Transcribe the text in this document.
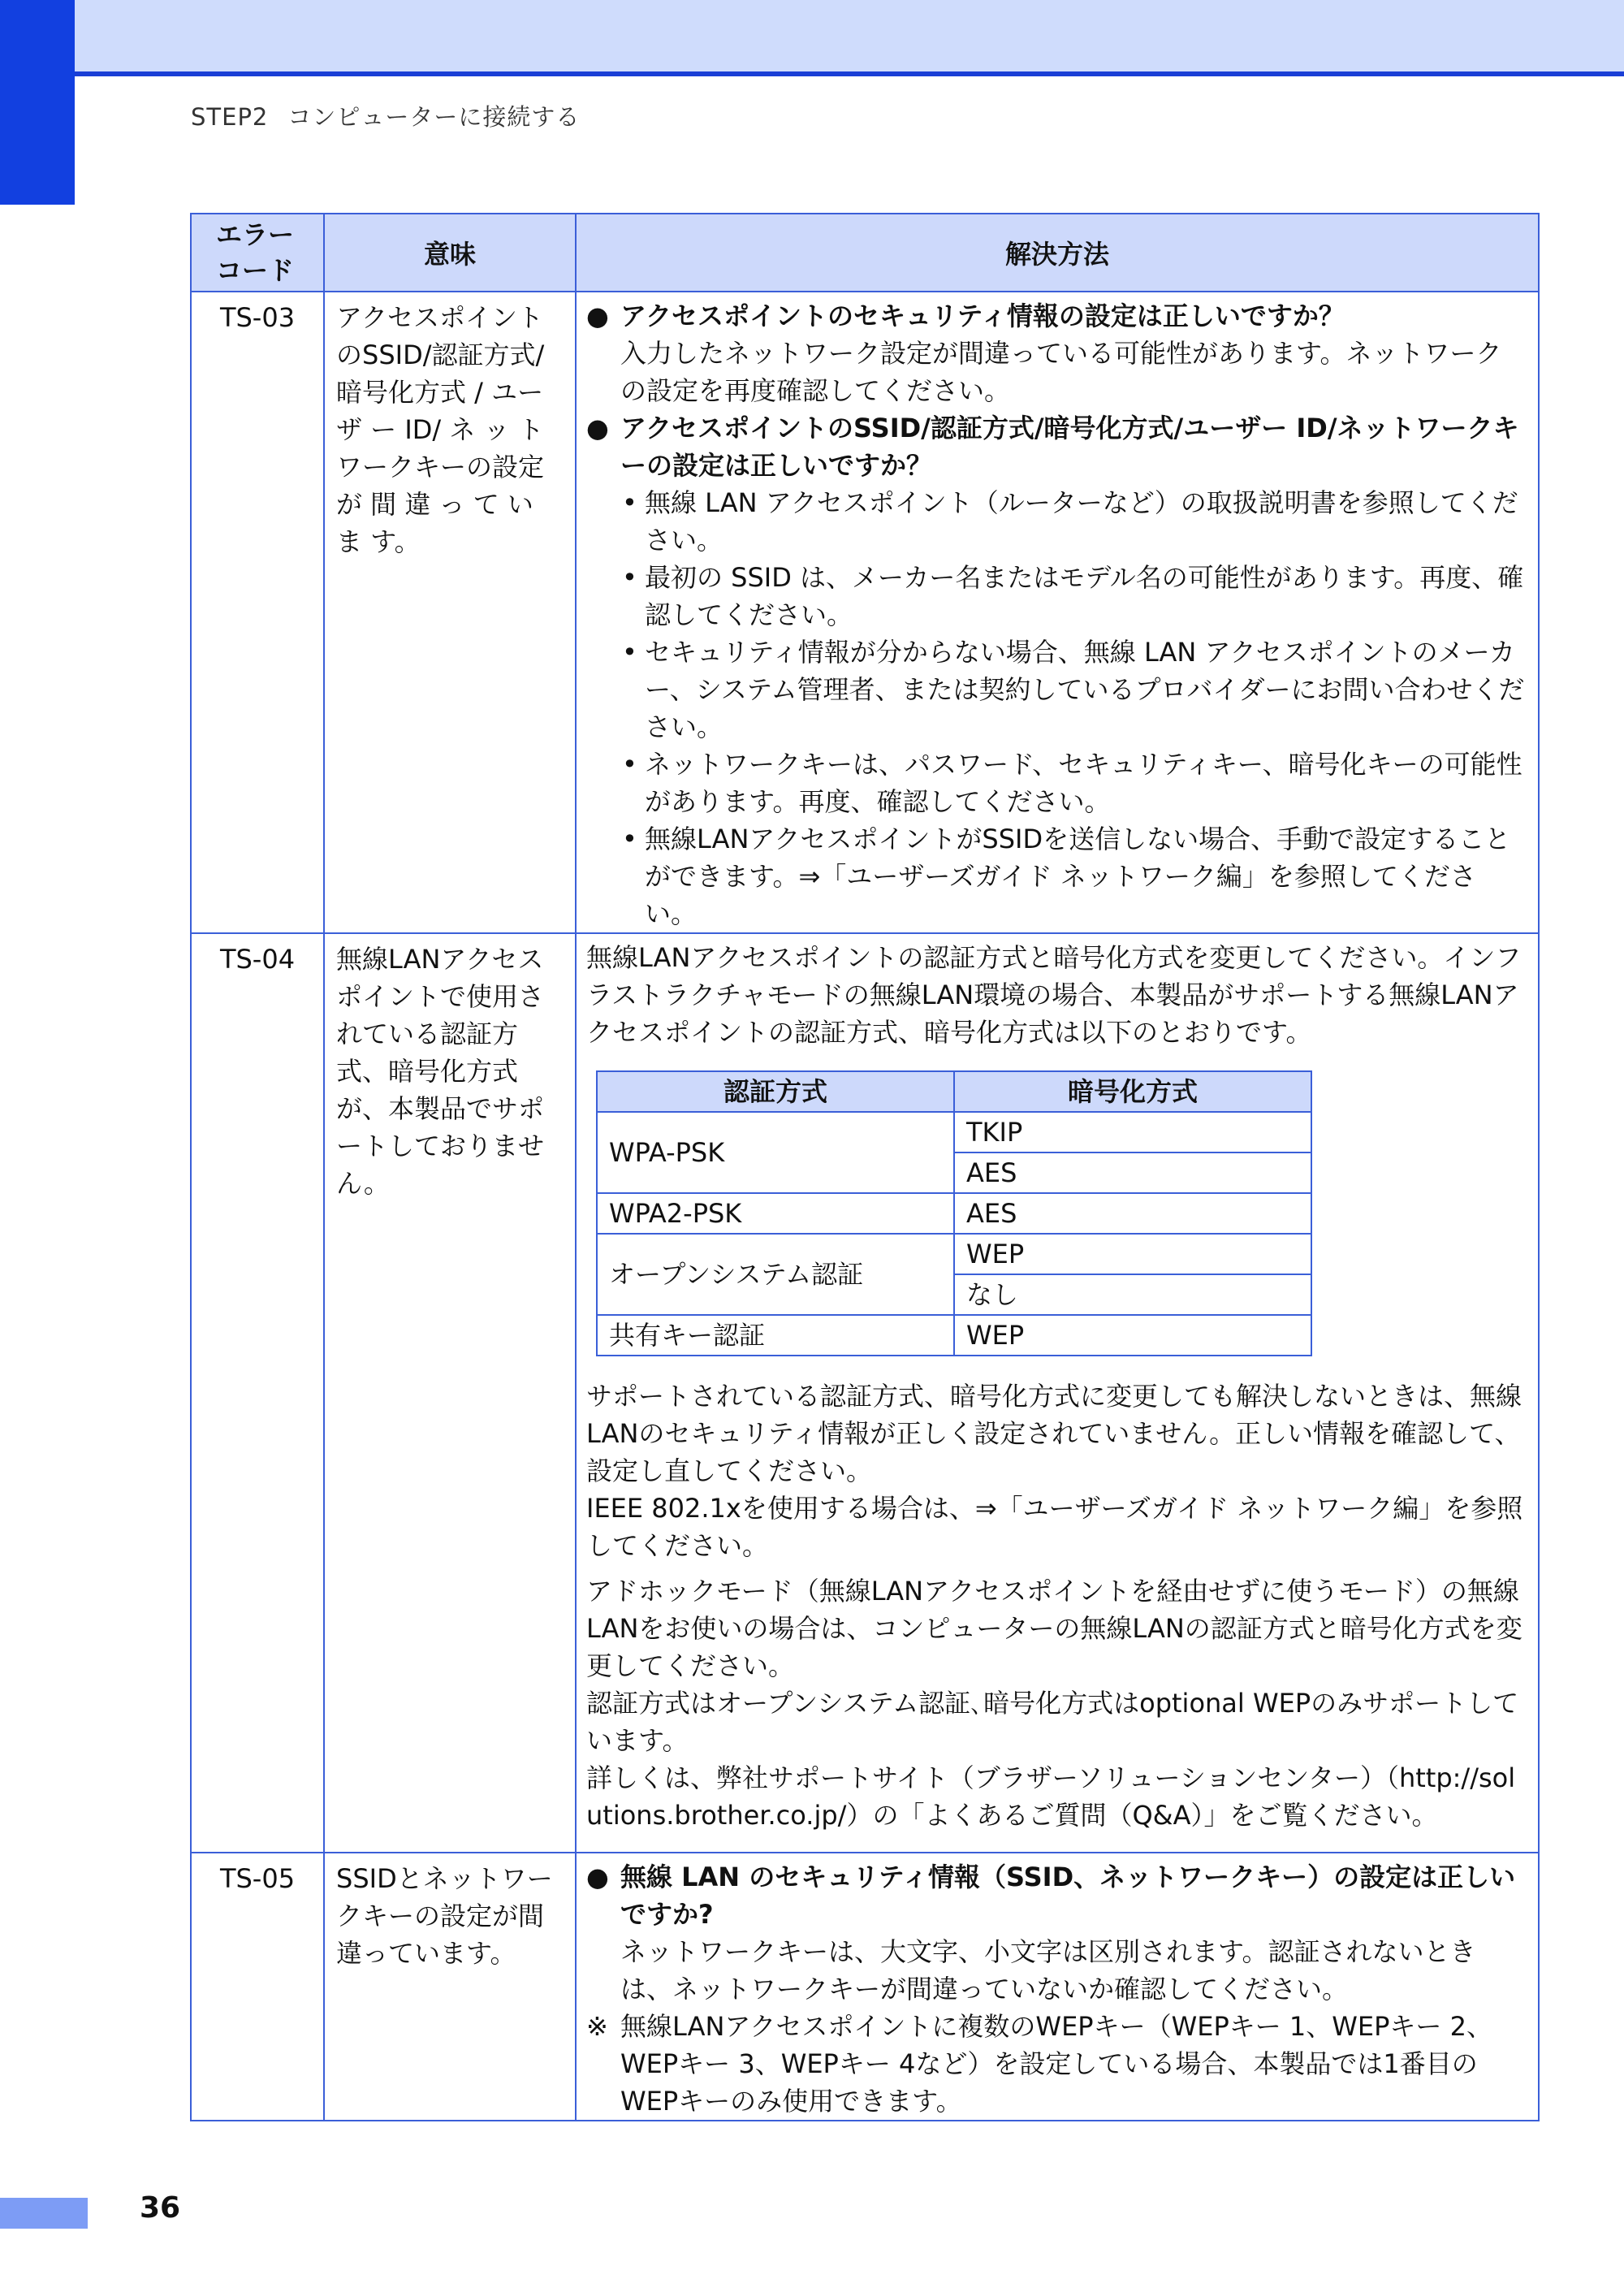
STEP2 コンピューターに接続する
エラー
コード	意味	解決方法
TS-03	アクセスポイントのSSID/認証方式/暗号化方式 / ユーザ ー ID/ ネ ッ ト ワークキーの設定が 間 違 っ て い ま す。	
● アクセスポイントのセキュリティ情報の設定は正しいですか？
入力したネットワーク設定が間違っている可能性があります。ネットワークの設定を再度確認してください。
● アクセスポイントのSSID/認証方式/暗号化方式/ユーザー ID/ネットワークキーの設定は正しいですか？
• 無線 LAN アクセスポイント（ルーターなど）の取扱説明書を参照してください。
• 最初の SSID は、メーカー名またはモデル名の可能性があります。再度、確認してください。
• セキュリティ情報が分からない場合、無線 LAN アクセスポイントのメーカー、システム管理者、または契約しているプロバイダーにお問い合わせください。
• ネットワークキーは、パスワード、セキュリティキー、暗号化キーの可能性があります。再度、確認してください。
• 無線LANアクセスポイントがSSIDを送信しない場合、手動で設定することができます。⇒「ユーザーズガイド ネットワーク編」を参照してください。

TS-04	無線LANアクセスポイントで使用されている認証方式、暗号化方式が、本製品でサポートしておりません。	
無線LANアクセスポイントの認証方式と暗号化方式を変更してください。インフラストラクチャモードの無線LAN環境の場合、本製品がサポートする無線LANアクセスポイントの認証方式、暗号化方式は以下のとおりです。
認証方式	暗号化方式
WPA-PSK	TKIP
AES
WPA2-PSK	AES
オープンシステム認証	WEP
なし
共有キー認証	WEP
サポートされている認証方式、暗号化方式に変更しても解決しないときは、無線LANのセキュリティ情報が正しく設定されていません。正しい情報を確認して、設定し直してください。
IEEE 802.1xを使用する場合は、⇒「ユーザーズガイド ネットワーク編」を参照してください。
アドホックモード（無線LANアクセスポイントを経由せずに使うモード）の無線LANをお使いの場合は、コンピューターの無線LANの認証方式と暗号化方式を変更してください。
認証方式はオープンシステム認証､暗号化方式はoptional WEPのみサポートしています。
詳しくは、弊社サポートサイト（ブラザーソリューションセンター）（http://solutions.brother.co.jp/）の「よくあるご質問（Q&A）」をご覧ください。

TS-05	SSIDとネットワークキーの設定が間違っています。	
● 無線 LAN のセキュリティ情報（SSID、ネットワークキー）の設定は正しいですか?
ネットワークキーは、大文字、小文字は区別されます。認証されないときは、ネットワークキーが間違っていないか確認してください。
※ 無線LANアクセスポイントに複数のWEPキー（WEPキー 1、WEPキー 2、WEPキー 3、WEPキー 4など）を設定している場合、本製品では1番目のWEPキーのみ使用できます。
36
